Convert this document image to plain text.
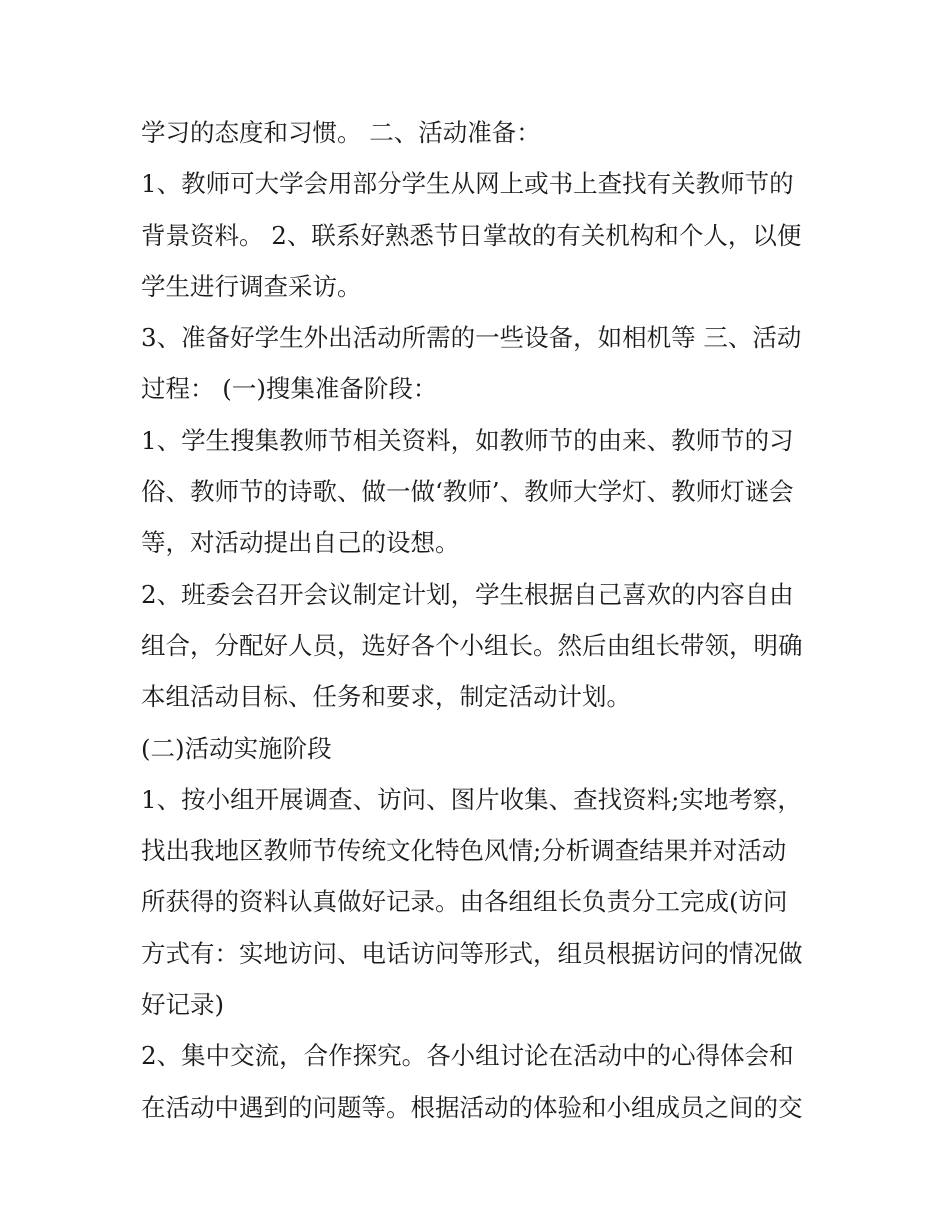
学习的态度和习惯。 二、活动准备：
1、教师可大学会用部分学生从网上或书上查找有关教师节的
背景资料。 2、联系好熟悉节日掌故的有关机构和个人，以便
学生进行调查采访。
3、准备好学生外出活动所需的一些设备，如相机等 三、活动
过程： (一)搜集准备阶段：
1、学生搜集教师节相关资料，如教师节的由来、教师节的习
俗、教师节的诗歌、做一做‘教师’、教师大学灯、教师灯谜会
等，对活动提出自己的设想。
2、班委会召开会议制定计划，学生根据自己喜欢的内容自由
组合，分配好人员，选好各个小组长。然后由组长带领，明确
本组活动目标、任务和要求，制定活动计划。
(二)活动实施阶段
1、按小组开展调查、访问、图片收集、查找资料;实地考察，
找出我地区教师节传统文化特色风情;分析调查结果并对活动
所获得的资料认真做好记录。由各组组长负责分工完成(访问
方式有：实地访问、电话访问等形式，组员根据访问的情况做
好记录)
2、集中交流，合作探究。各小组讨论在活动中的心得体会和
在活动中遇到的问题等。根据活动的体验和小组成员之间的交
